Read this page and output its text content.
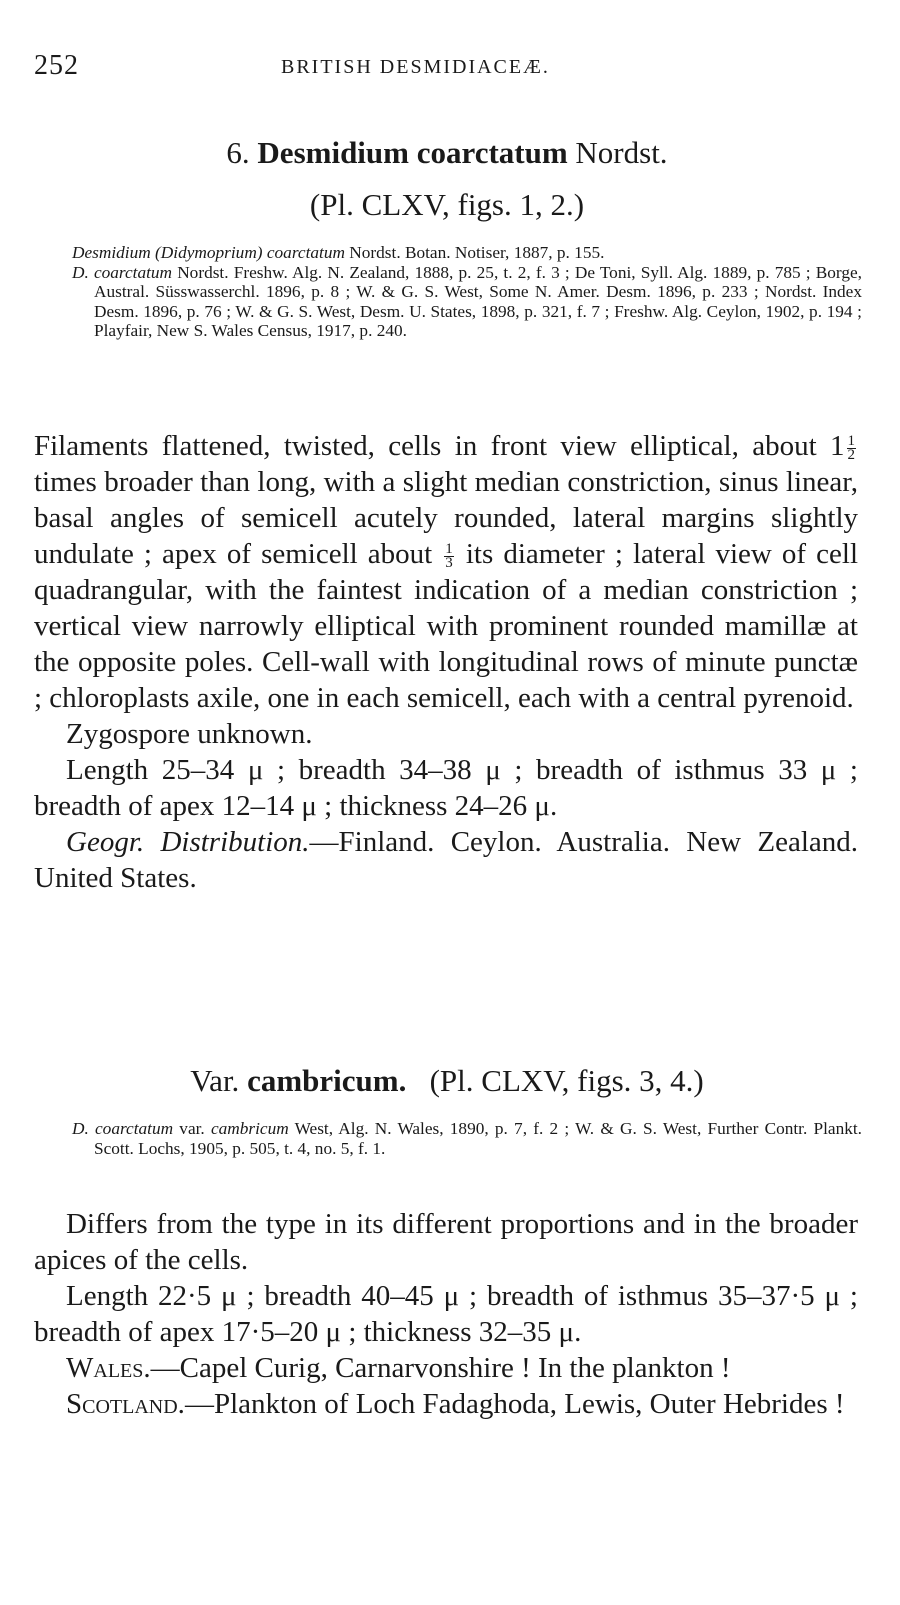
252	BRITISH DESMIDIACEÆ.
6. Desmidium coarctatum Nordst.
(Pl. CLXV, figs. 1, 2.)
Desmidium (Didymoprium) coarctatum Nordst. Botan. Notiser, 1887, p. 155.
D. coarctatum Nordst. Freshw. Alg. N. Zealand, 1888, p. 25, t. 2, f. 3 ; De Toni, Syll. Alg. 1889, p. 785 ; Borge, Austral. Süsswasserchl. 1896, p. 8 ; W. & G. S. West, Some N. Amer. Desm. 1896, p. 233 ; Nordst. Index Desm. 1896, p. 76 ; W. & G. S. West, Desm. U. States, 1898, p. 321, f. 7 ; Freshw. Alg. Ceylon, 1902, p. 194 ; Playfair, New S. Wales Census, 1917, p. 240.

Filaments flattened, twisted, cells in front view elliptical, about $1 \frac{1}{2}$
times broader than long, with a slight median constriction, sinus linear, basal angles of semicell acutely rounded, lateral margins slightly undulate ; apex of semicell about $\frac{1}{3}$ its diameter ; lateral view of cell quadrangular, with the faintest indication of a median constriction ; vertical view narrowly elliptical with prominent rounded mamillæ at the opposite poles. Cell-wall with longitudinal rows of minute punctæ ; chloroplasts axile, one in each semicell, each with a central pyrenoid.

Zygospore unknown.

Length 25–34 μ ; breadth 34–38 μ ; breadth of isthmus 33 μ ; breadth of apex 12–14 μ ; thickness 24–26 μ.

Geogr. Distribution.—Finland. Ceylon. Australia. New Zealand. United States.

Var. cambricum. (Pl. CLXV, figs. 3, 4.)
D. coarctatum var. cambricum West, Alg. N. Wales, 1890, p. 7, f. 2 ; W. & G. S. West, Further Contr. Plankt. Scott. Lochs, 1905, p. 505, t. 4, no. 5, f. 1.

Differs from the type in its different proportions and in the broader apices of the cells.

Length 22·5 μ ; breadth 40–45 μ ; breadth of isthmus 35–37·5 μ ; breadth of apex 17·5–20 μ ; thickness 32–35 μ.

Wales.—Capel Curig, Carnarvonshire ! In the plankton !

Scotland.—Plankton of Loch Fadaghoda, Lewis, Outer Hebrides !
